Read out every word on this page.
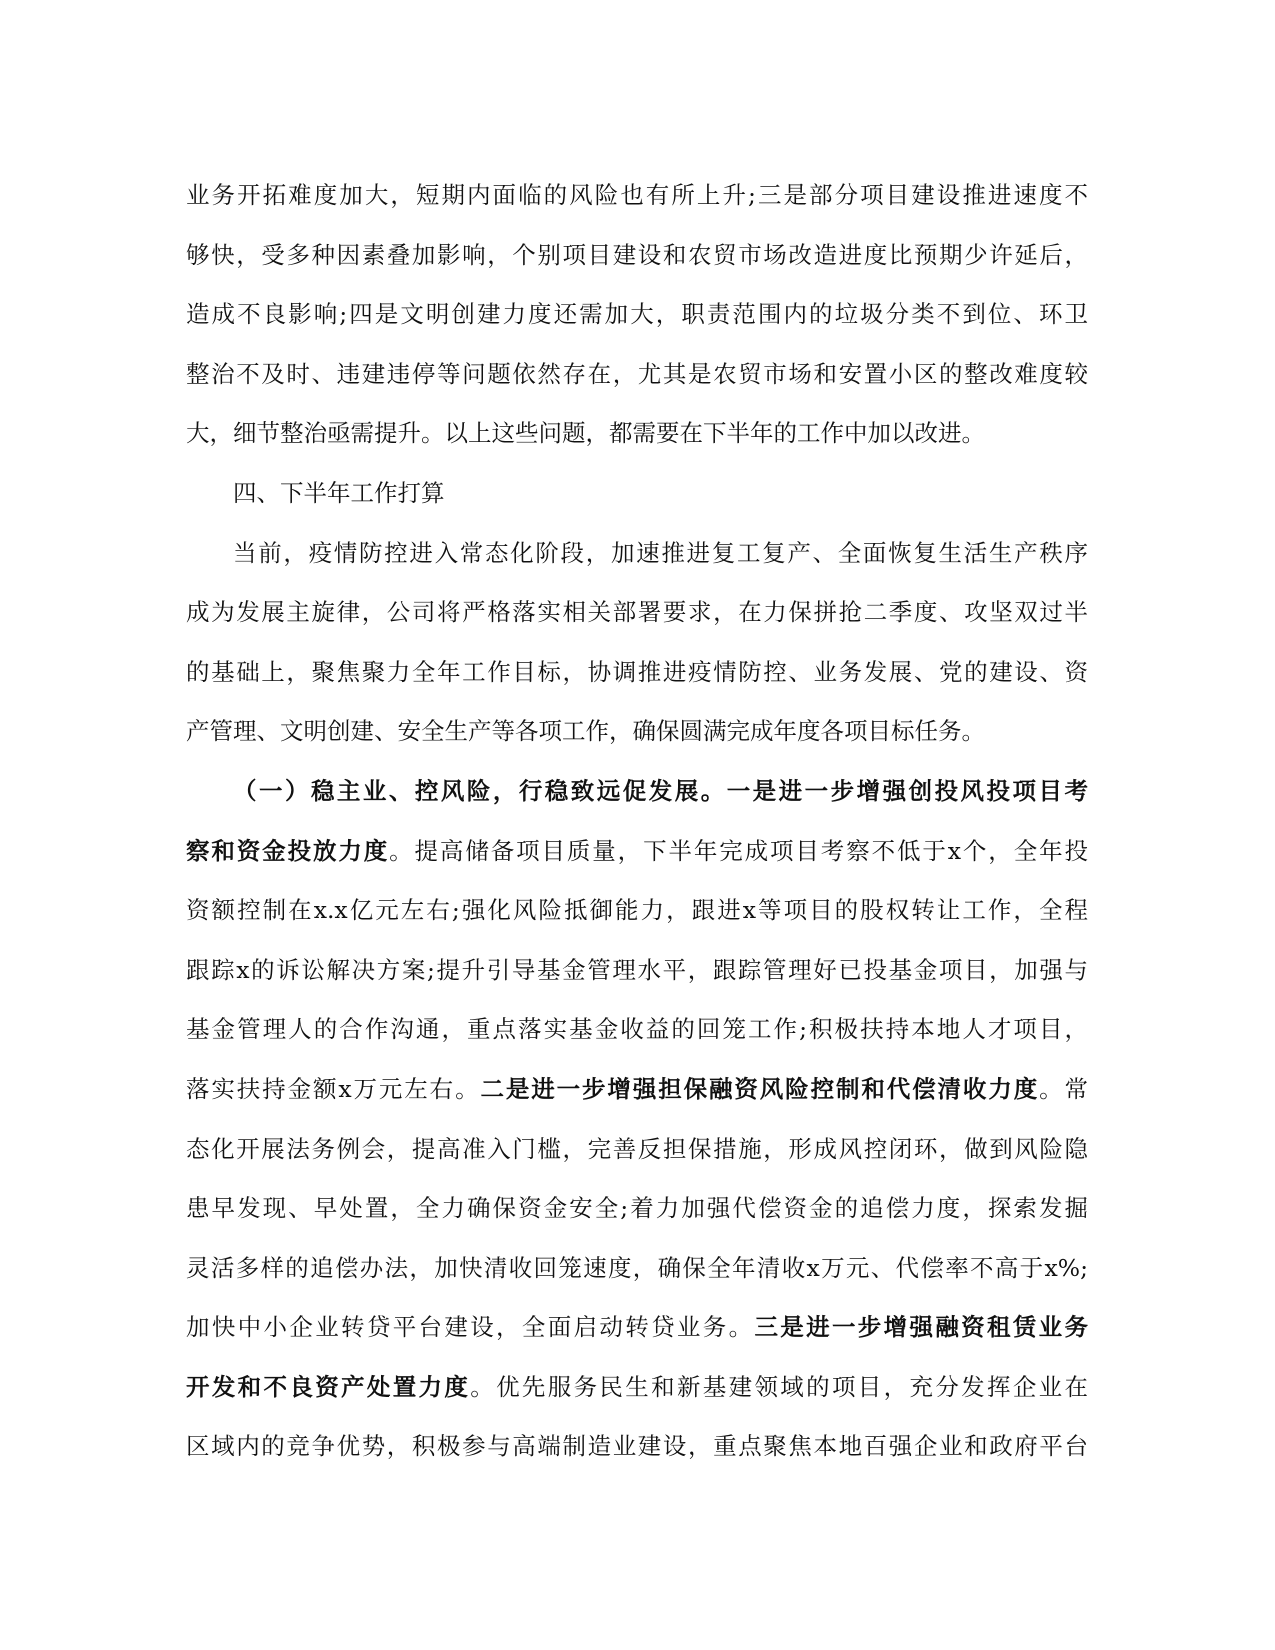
业务开拓难度加大，短期内面临的风险也有所上升;三是部分项目建设推进速度不
够快，受多种因素叠加影响，个别项目建设和农贸市场改造进度比预期少许延后，
造成不良影响;四是文明创建力度还需加大，职责范围内的垃圾分类不到位、环卫
整治不及时、违建违停等问题依然存在，尤其是农贸市场和安置小区的整改难度较
大，细节整治亟需提升。以上这些问题，都需要在下半年的工作中加以改进。
四、下半年工作打算
当前，疫情防控进入常态化阶段，加速推进复工复产、全面恢复生活生产秩序
成为发展主旋律，公司将严格落实相关部署要求，在力保拼抢二季度、攻坚双过半
的基础上，聚焦聚力全年工作目标，协调推进疫情防控、业务发展、党的建设、资
产管理、文明创建、安全生产等各项工作，确保圆满完成年度各项目标任务。
（一）稳主业、控风险，行稳致远促发展。一是进一步增强创投风投项目考
察和资金投放力度。提高储备项目质量，下半年完成项目考察不低于x个，全年投
资额控制在x.x亿元左右;强化风险抵御能力，跟进x等项目的股权转让工作，全程
跟踪x的诉讼解决方案;提升引导基金管理水平，跟踪管理好已投基金项目，加强与
基金管理人的合作沟通，重点落实基金收益的回笼工作;积极扶持本地人才项目，
落实扶持金额x万元左右。二是进一步增强担保融资风险控制和代偿清收力度。常
态化开展法务例会，提高准入门槛，完善反担保措施，形成风控闭环，做到风险隐
患早发现、早处置，全力确保资金安全;着力加强代偿资金的追偿力度，探索发掘
灵活多样的追偿办法，加快清收回笼速度，确保全年清收x万元、代偿率不高于x%;
加快中小企业转贷平台建设，全面启动转贷业务。三是进一步增强融资租赁业务
开发和不良资产处置力度。优先服务民生和新基建领域的项目，充分发挥企业在
区域内的竞争优势，积极参与高端制造业建设，重点聚焦本地百强企业和政府平台
